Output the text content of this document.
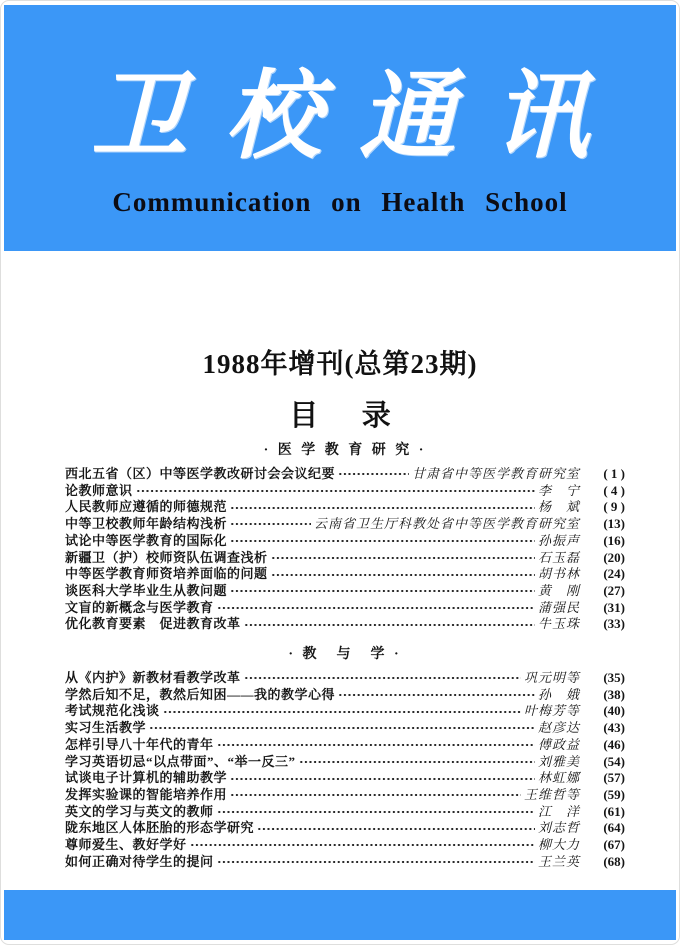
卫校通讯
Communication on Health School
1988年增刊(总第23期)
目      录
· 医 学 教 育 研 究 ·
西北五省（区）中等医学教改研讨会会议纪要	甘肃省中等医学教育研究室	( 1 )
论教师意识	李　宁	( 4 )
人民教师应遵循的师德规范	杨　斌	( 9 )
中等卫校教师年龄结构浅析	云南省卫生厅科教处省中等医学教育研究室	(13)
试论中等医学教育的国际化	孙振声	(16)
新疆卫（护）校师资队伍调查浅析	石玉磊	(20)
中等医学教育师资培养面临的问题	胡书林	(24)
谈医科大学毕业生从教问题	黄　刚	(27)
文盲的新概念与医学教育	蒲强民	(31)
优化教育要素　促进教育改革	牛玉珠	(33)
· 教　与　学 ·
从《内护》新教材看教学改革	巩元明等	(35)
学然后知不足，教然后知困——我的教学心得	孙　娥	(38)
考试规范化浅谈	叶梅芳等	(40)
实习生活教学	赵彦达	(43)
怎样引导八十年代的青年	傅政益	(46)
学习英语切忌“以点带面”、“举一反三”	刘雅美	(54)
试谈电子计算机的辅助教学	林虹娜	(57)
发挥实验课的智能培养作用	王维哲等	(59)
英文的学习与英文的教师	江　洋	(61)
陇东地区人体胚胎的形态学研究	刘志哲	(64)
尊师爱生、教好学好	柳大力	(67)
如何正确对待学生的提问	王兰英	(68)
